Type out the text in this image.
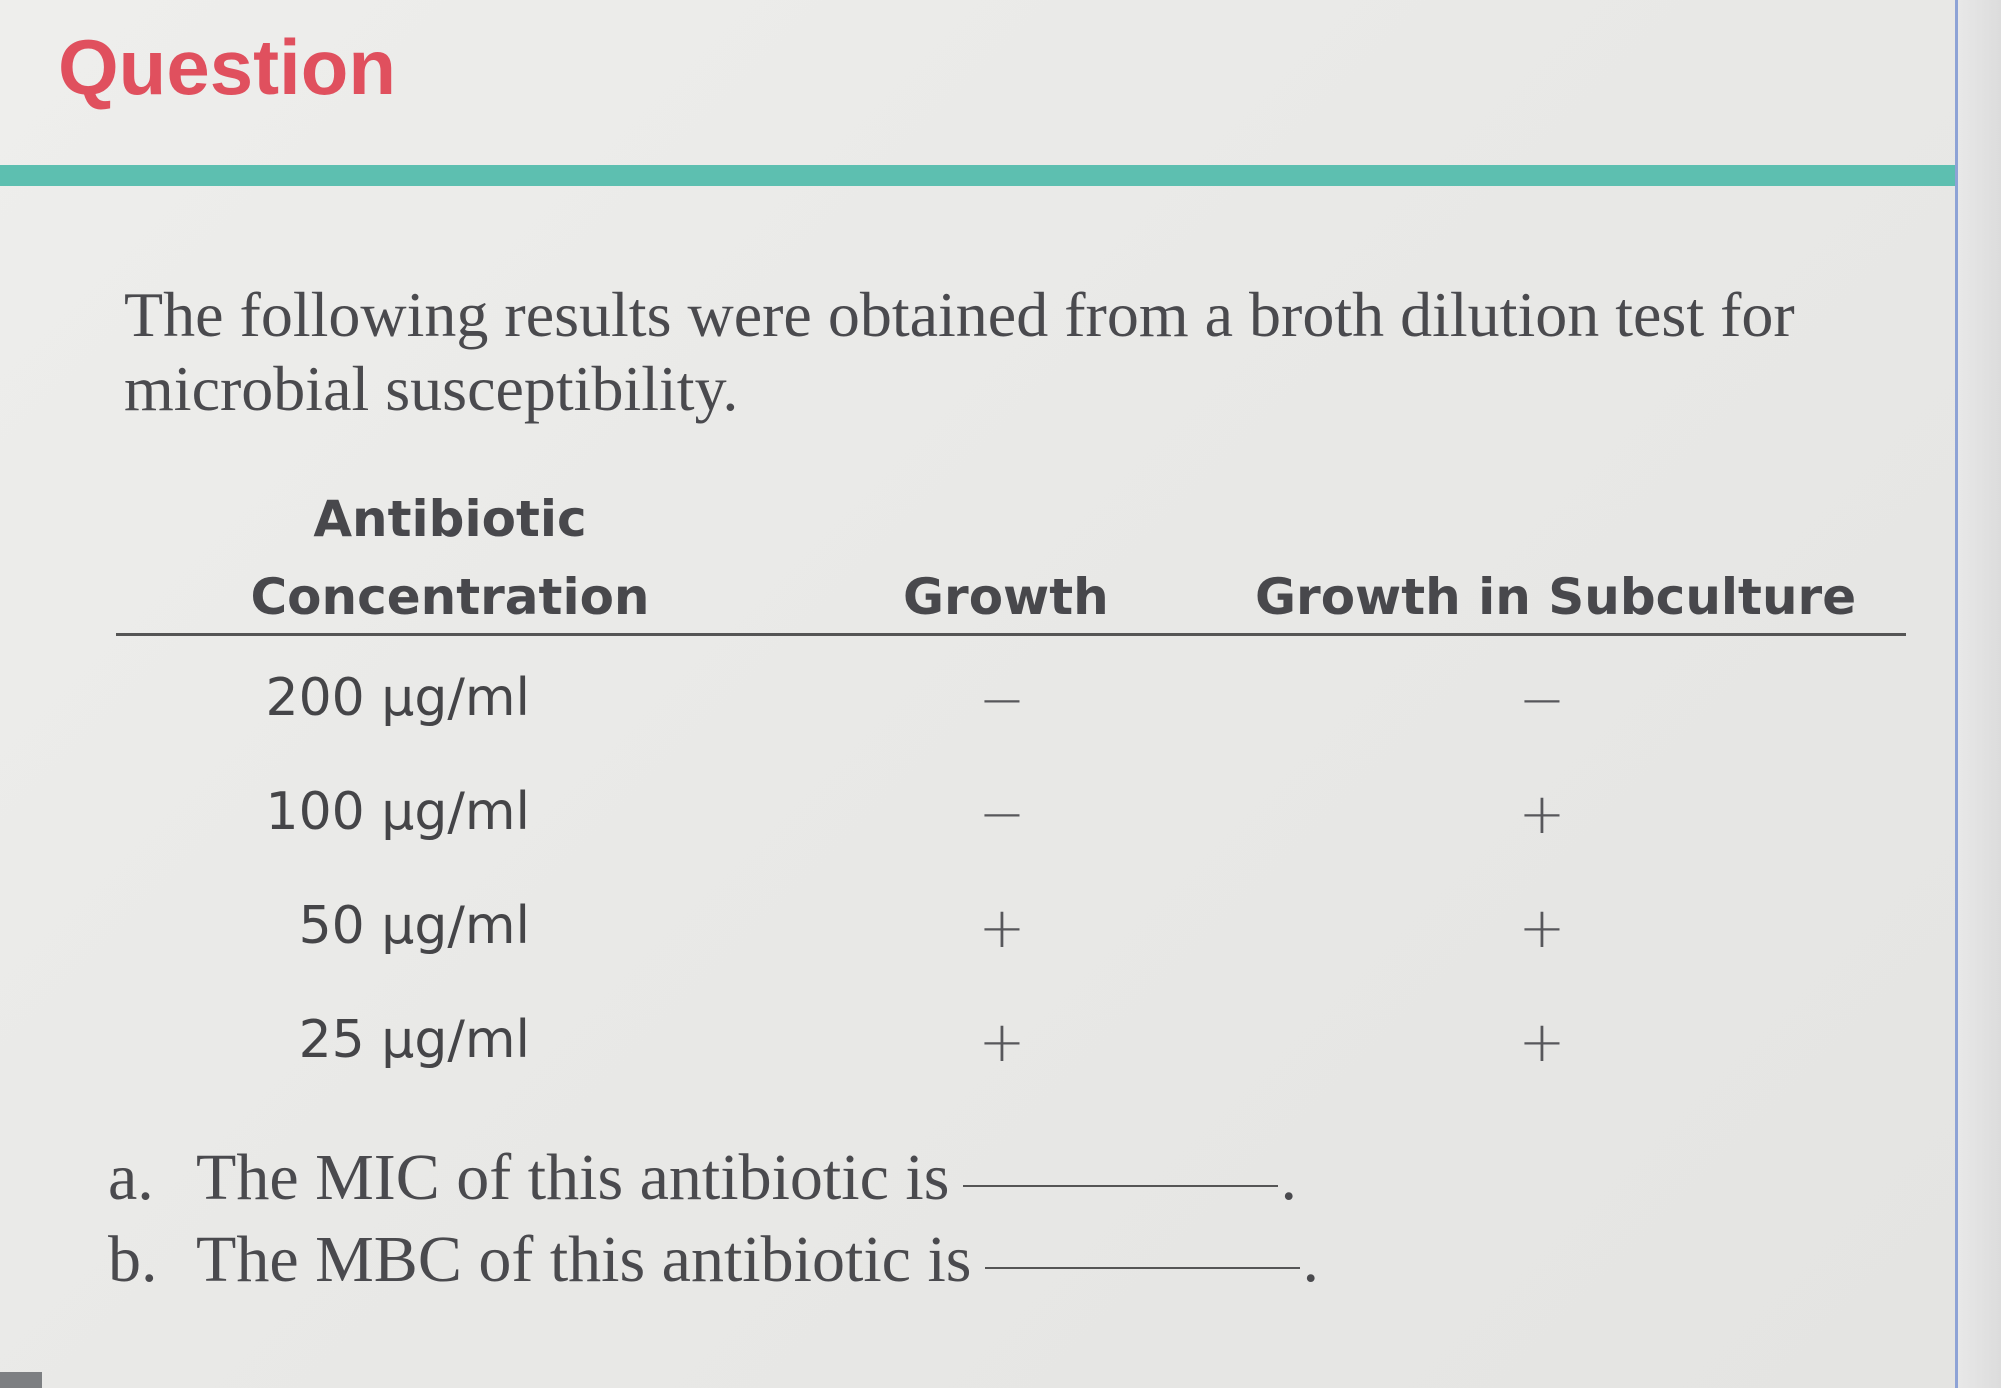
Question
The following results were obtained from a broth dilution test for microbial susceptibility.
Antibiotic
Concentration	Growth	Growth in Subculture
200 µg/ml	−	−
100 µg/ml	−	+
50 µg/ml	+	+
25 µg/ml	+	+
a. The MIC of this antibiotic is	.
b. The MBC of this antibiotic is	.
